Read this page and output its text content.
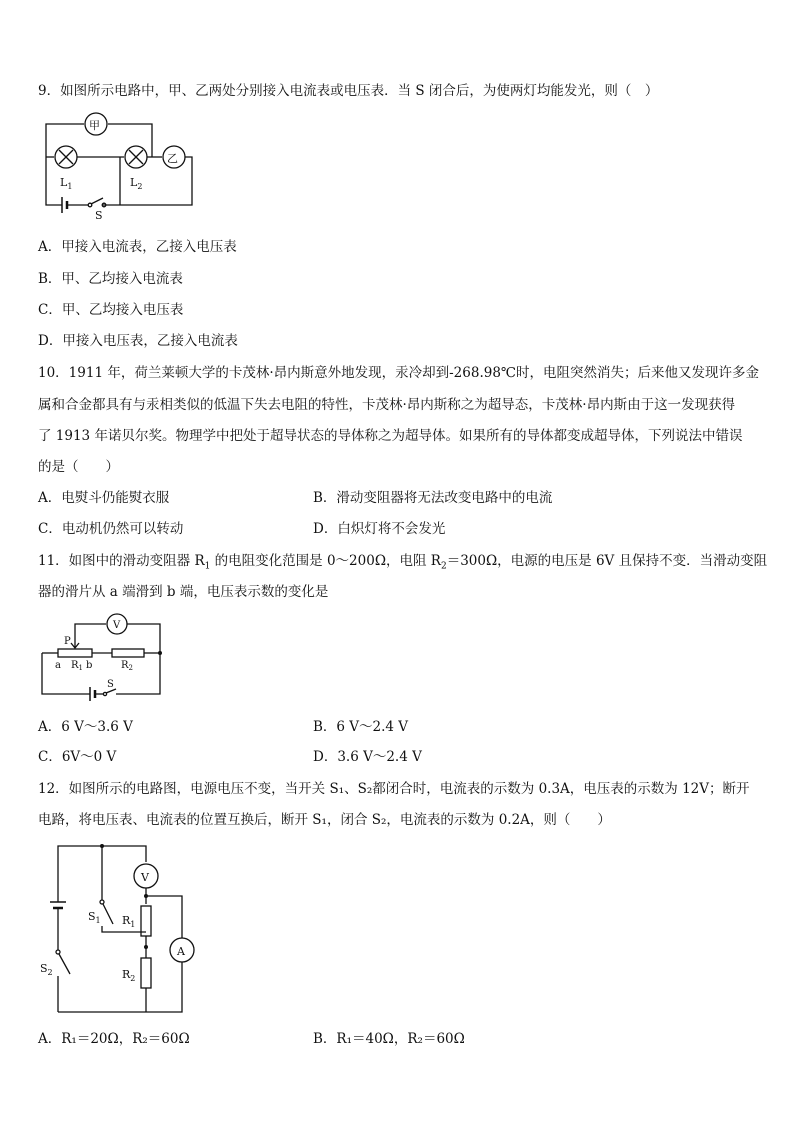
9．如图所示电路中，甲、乙两处分别接入电流表或电压表．当 S 闭合后，为使两灯均能发光，则（　）
甲
乙
$L_1$	$L_2$
S
A．甲接入电流表，乙接入电压表
B．甲、乙均接入电流表
C．甲、乙均接入电压表
D．甲接入电压表，乙接入电流表
10．1911 年，荷兰莱顿大学的卡茂林·昂内斯意外地发现，汞冷却到-268.98℃时，电阻突然消失；后来他又发现许多金
属和合金都具有与汞相类似的低温下失去电阻的特性，卡茂林·昂内斯称之为超导态，卡茂林·昂内斯由于这一发现获得
了 1913 年诺贝尔奖。物理学中把处于超导状态的导体称之为超导体。如果所有的导体都变成超导体，下列说法中错误
的是（　　）
A．电熨斗仍能熨衣服	B．滑动变阻器将无法改变电路中的电流
C．电动机仍然可以转动	D．白炽灯将不会发光
11．如图中的滑动变阻器 $R_1$ 的电阻变化范围是 0～200Ω，电阻 $R_2=300\Omega$，电源的电压是 6V 且保持不变．当滑动变阻
器的滑片从 a 端滑到 b 端，电压表示数的变化是
V
P
a $R_1$ b	$R_2$
S
A．6 V～3.6 V	B．6 V～2.4 V
C．6V～0 V	D．3.6 V～2.4 V
12．如图所示的电路图，电源电压不变，当开关 S₁、S₂都闭合时，电流表的示数为 0.3A，电压表的示数为 12V；断开
电路，将电压表、电流表的位置互换后，断开 S₁，闭合 S₂，电流表的示数为 0.2A，则（　　）
V
A
$S_1$ $R_1$
$S_2$	$R_2$
A．R₁＝20Ω，R₂＝60Ω	B．R₁＝40Ω，R₂＝60Ω
